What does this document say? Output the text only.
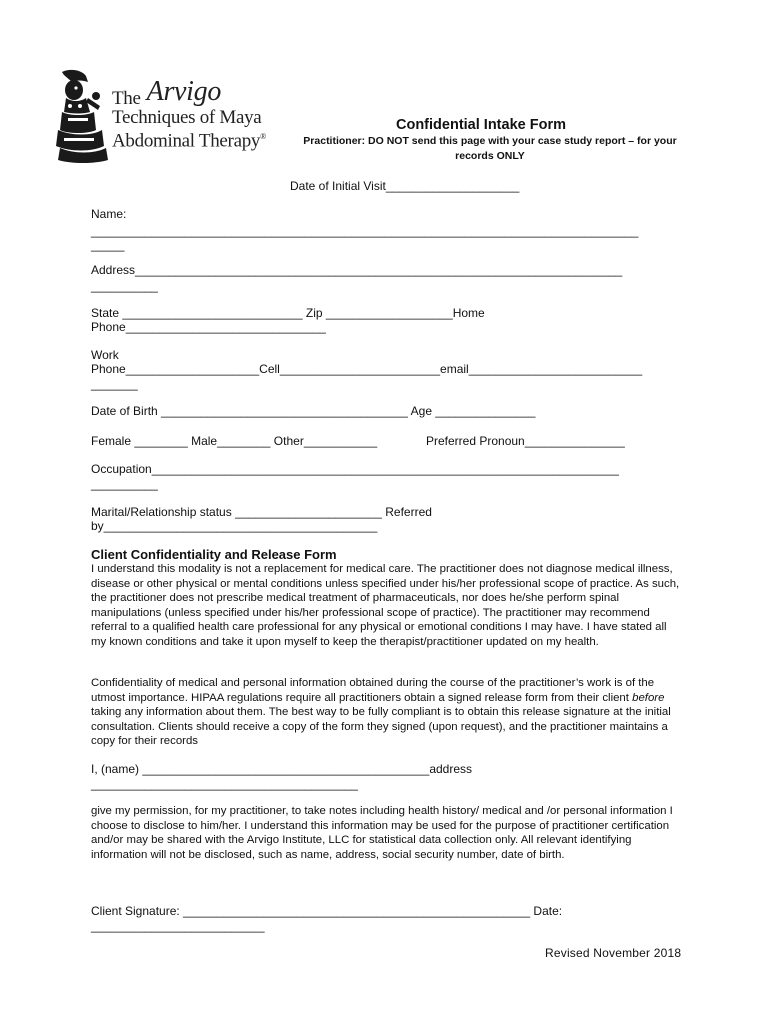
The Arvigo
Techniques of Maya
Abdominal Therapy®
Confidential Intake Form
Practitioner: DO NOT send this page with your case study report – for your records ONLY
Date of Initial Visit____________________
Name:
__________________________________________________________________________________
_____
Address_________________________________________________________________________
__________
State ___________________________ Zip ___________________Home
Phone______________________________
Work
Phone____________________Cell________________________email__________________________
_______
Date of Birth _____________________________________ Age _______________
Female ________ Male________ Other___________	Preferred Pronoun_______________
Occupation______________________________________________________________________
__________
Marital/Relationship status ______________________ Referred
by_________________________________________
Client Confidentiality and Release Form
I understand this modality is not a replacement for medical care. The practitioner does not diagnose medical illness, disease or other physical or mental conditions unless specified under his/her professional scope of practice. As such, the practitioner does not prescribe medical treatment of pharmaceuticals, nor does he/she perform spinal manipulations (unless specified under his/her professional scope of practice). The practitioner may recommend referral to a qualified health care professional for any physical or emotional conditions I may have. I have stated all my known conditions and take it upon myself to keep the therapist/practitioner updated on my health.
Confidentiality of medical and personal information obtained during the course of the practitioner’s work is of the utmost importance. HIPAA regulations require all practitioners obtain a signed release form from their client before taking any information about them. The best way to be fully compliant is to obtain this release signature at the initial consultation. Clients should receive a copy of the form they signed (upon request), and the practitioner maintains a copy for their records
I, (name) ___________________________________________address
________________________________________
give my permission, for my practitioner, to take notes including health history/ medical and /or personal information I choose to disclose to him/her. I understand this information may be used for the purpose of practitioner certification and/or may be shared with the Arvigo Institute, LLC for statistical data collection only. All relevant identifying information will not be disclosed, such as name, address, social security number, date of birth.
Client Signature: ____________________________________________________ Date:
__________________________
Revised November 2018
